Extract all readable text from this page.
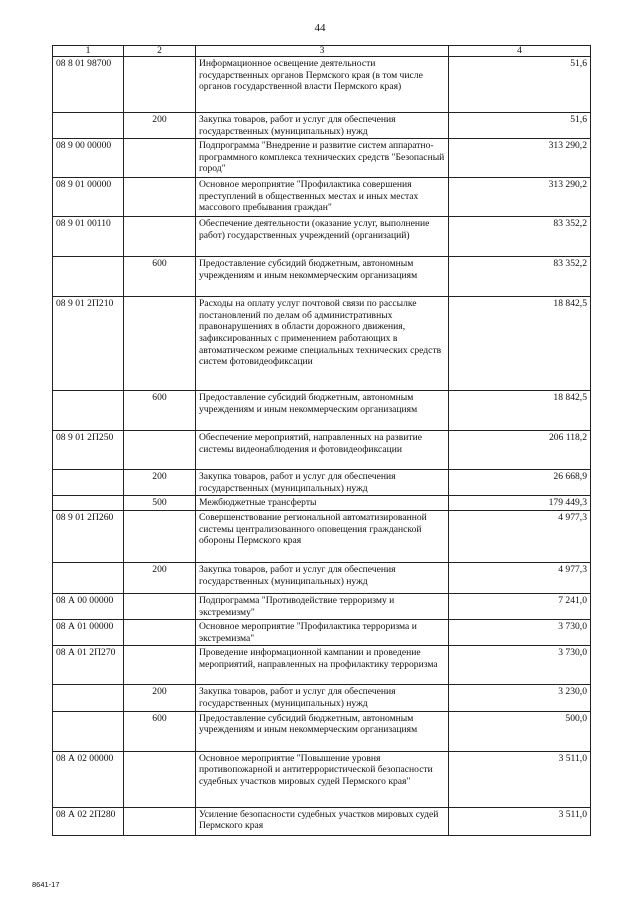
44
1	2	3	4
08 8 01 98700		Информационное освещение деятельности государственных органов Пермского края (в том числе органов государственной власти Пермского края)	51,6
	200	Закупка товаров, работ и услуг для обеспечения государственных (муниципальных) нужд	51,6
08 9 00 00000		Подпрограмма "Внедрение и развитие систем аппаратно-программного комплекса технических средств "Безопасный город"	313 290,2
08 9 01 00000		Основное мероприятие "Профилактика совершения преступлений в общественных местах и иных местах массового пребывания граждан"	313 290,2
08 9 01 00110		Обеспечение деятельности (оказание услуг, выполнение работ) государственных учреждений (организаций)	83 352,2
	600	Предоставление субсидий бюджетным, автономным учреждениям и иным некоммерческим организациям	83 352,2
08 9 01 2П210		Расходы на оплату услуг почтовой связи по рассылке постановлений по делам об административных правонарушениях в области дорожного движения, зафиксированных с применением работающих в автоматическом режиме специальных технических средств систем фотовидеофиксации	18 842,5
	600	Предоставление субсидий бюджетным, автономным учреждениям и иным некоммерческим организациям	18 842,5
08 9 01 2П250		Обеспечение мероприятий, направленных на развитие системы видеонаблюдения и фотовидеофиксации	206 118,2
	200	Закупка товаров, работ и услуг для обеспечения государственных (муниципальных) нужд	26 668,9
	500	Межбюджетные трансферты	179 449,3
08 9 01 2П260		Совершенствование региональной автоматизированной системы централизованного оповещения гражданской обороны Пермского края	4 977,3
	200	Закупка товаров, работ и услуг для обеспечения государственных (муниципальных) нужд	4 977,3
08 А 00 00000		Подпрограмма "Противодействие терроризму и экстремизму"	7 241,0
08 А 01 00000		Основное мероприятие "Профилактика терроризма и экстремизма"	3 730,0
08 А 01 2П270		Проведение информационной кампании и проведение мероприятий, направленных на профилактику терроризма	3 730,0
	200	Закупка товаров, работ и услуг для обеспечения государственных (муниципальных) нужд	3 230,0
	600	Предоставление субсидий бюджетным, автономным учреждениям и иным некоммерческим организациям	500,0
08 А 02 00000		Основное мероприятие "Повышение уровня противопожарной и антитеррористической безопасности судебных участков мировых судей Пермского края"	3 511,0
08 А 02 2П280		Усиление безопасности судебных участков мировых судей Пермского края	3 511,0
8641-17
